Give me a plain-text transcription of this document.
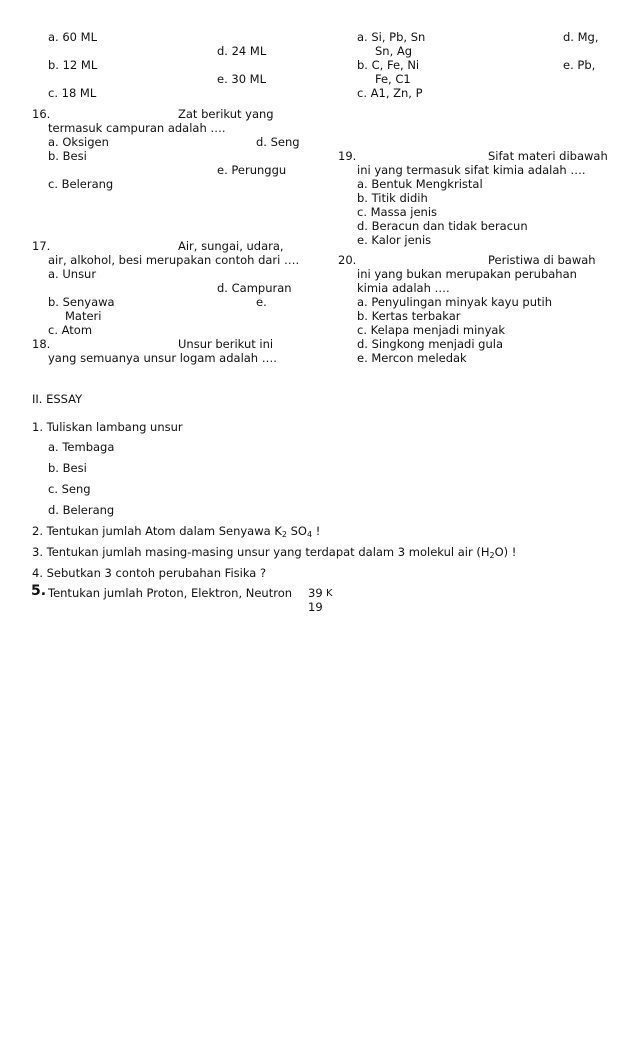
a. 60 ML
d. 24 ML
b. 12 ML
e. 30 ML
c. 18 ML
16.	Zat berikut yang
termasuk campuran adalah ….
a. Oksigen	d. Seng
b. Besi
e. Perunggu
c. Belerang
17.	Air, sungai, udara,
air, alkohol, besi merupakan contoh dari ….
a. Unsur
d. Campuran
b. Senyawa	e.
Materi
c. Atom
18.	Unsur berikut ini
yang semuanya unsur logam adalah ….
a. Si, Pb, Sn	d. Mg,
Sn, Ag
b. C, Fe, Ni	e. Pb,
Fe, C1
c. A1, Zn, P
19.	Sifat materi dibawah
ini yang termasuk sifat kimia adalah ….
a. Bentuk Mengkristal
b. Titik didih
c. Massa jenis
d. Beracun dan tidak beracun
e. Kalor jenis
20.	Peristiwa di bawah
ini yang bukan merupakan perubahan
kimia adalah ….
a. Penyulingan minyak kayu putih
b. Kertas terbakar
c. Kelapa menjadi minyak
d. Singkong menjadi gula
e. Mercon meledak
II. ESSAY
1. Tuliskan lambang unsur
a. Tembaga
b. Besi
c. Seng
d. Belerang
2. Tentukan jumlah Atom dalam Senyawa $K_2$ $SO_4$ !
3. Tentukan jumlah masing-masing unsur yang terdapat dalam 3 molekul air $(H_2O)$ !
4. Sebutkan 3 contoh perubahan Fisika ?
5. Tentukan jumlah Proton, Elektron, Neutron 39 K
19
